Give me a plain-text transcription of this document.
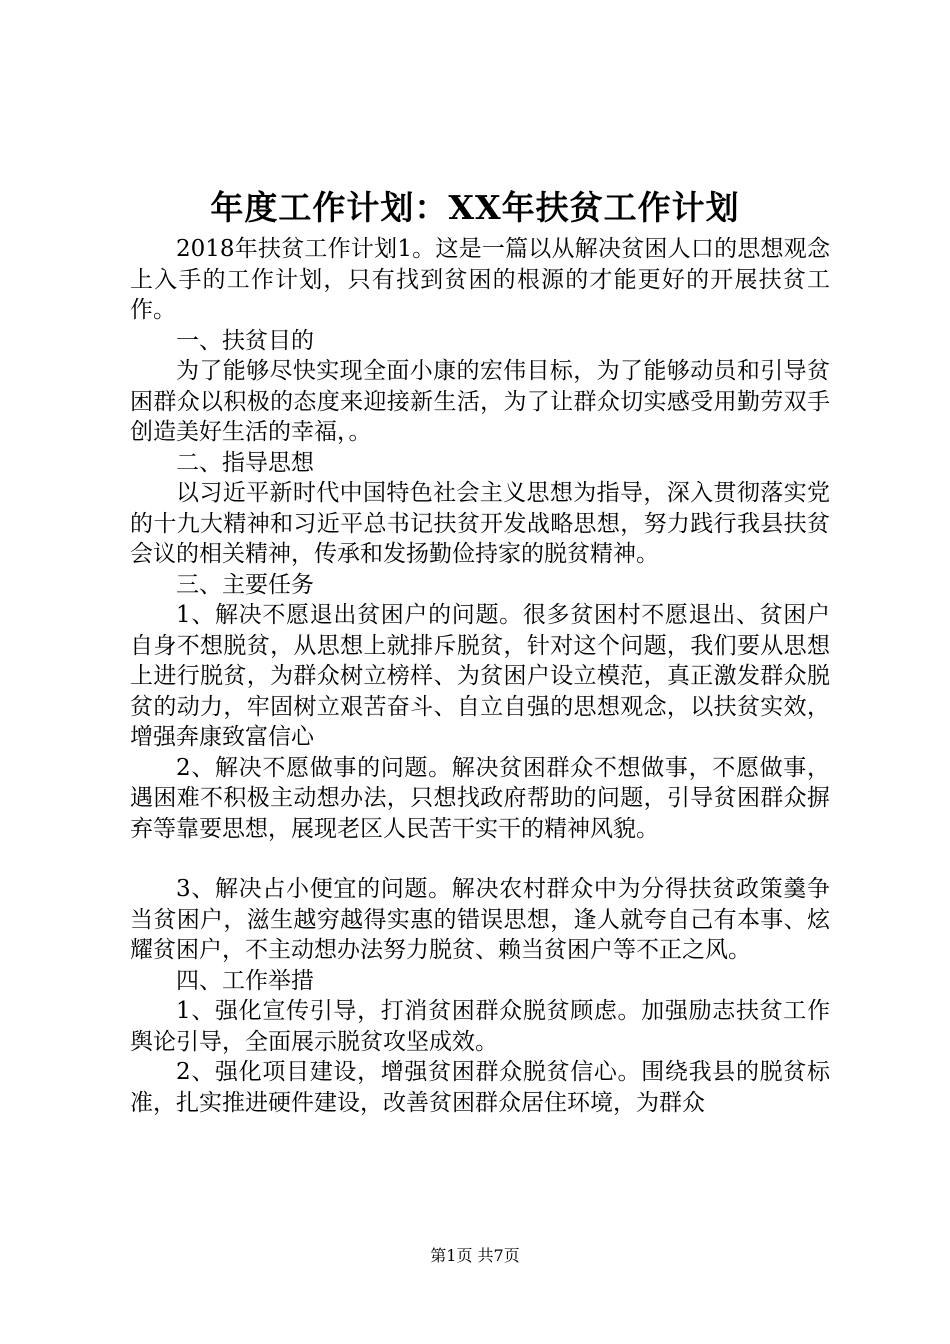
年度工作计划：XX年扶贫工作计划

2018年扶贫工作计划1。这是一篇以从解决贫困人口的思想观念上入手的工作计划，只有找到贫困的根源的才能更好的开展扶贫工作。

一、扶贫目的

为了能够尽快实现全面小康的宏伟目标，为了能够动员和引导贫困群众以积极的态度来迎接新生活，为了让群众切实感受用勤劳双手创造美好生活的幸福，。

二、指导思想

以习近平新时代中国特色社会主义思想为指导，深入贯彻落实党的十九大精神和习近平总书记扶贫开发战略思想，努力践行我县扶贫会议的相关精神，传承和发扬勤俭持家的脱贫精神。

三、主要任务

1、解决不愿退出贫困户的问题。很多贫困村不愿退出、贫困户自身不想脱贫，从思想上就排斥脱贫，针对这个问题，我们要从思想上进行脱贫，为群众树立榜样、为贫困户设立模范，真正激发群众脱贫的动力，牢固树立艰苦奋斗、自立自强的思想观念，以扶贫实效，增强奔康致富信心

2、解决不愿做事的问题。解决贫困群众不想做事，不愿做事，遇困难不积极主动想办法，只想找政府帮助的问题，引导贫困群众摒弃等靠要思想，展现老区人民苦干实干的精神风貌。

3、解决占小便宜的问题。解决农村群众中为分得扶贫政策羹争当贫困户，滋生越穷越得实惠的错误思想，逢人就夸自己有本事、炫耀贫困户，不主动想办法努力脱贫、赖当贫困户等不正之风。

四、工作举措

1、强化宣传引导，打消贫困群众脱贫顾虑。加强励志扶贫工作舆论引导，全面展示脱贫攻坚成效。

2、强化项目建设，增强贫困群众脱贫信心。围绕我县的脱贫标准，扎实推进硬件建设，改善贫困群众居住环境，为群众

第1页 共7页
